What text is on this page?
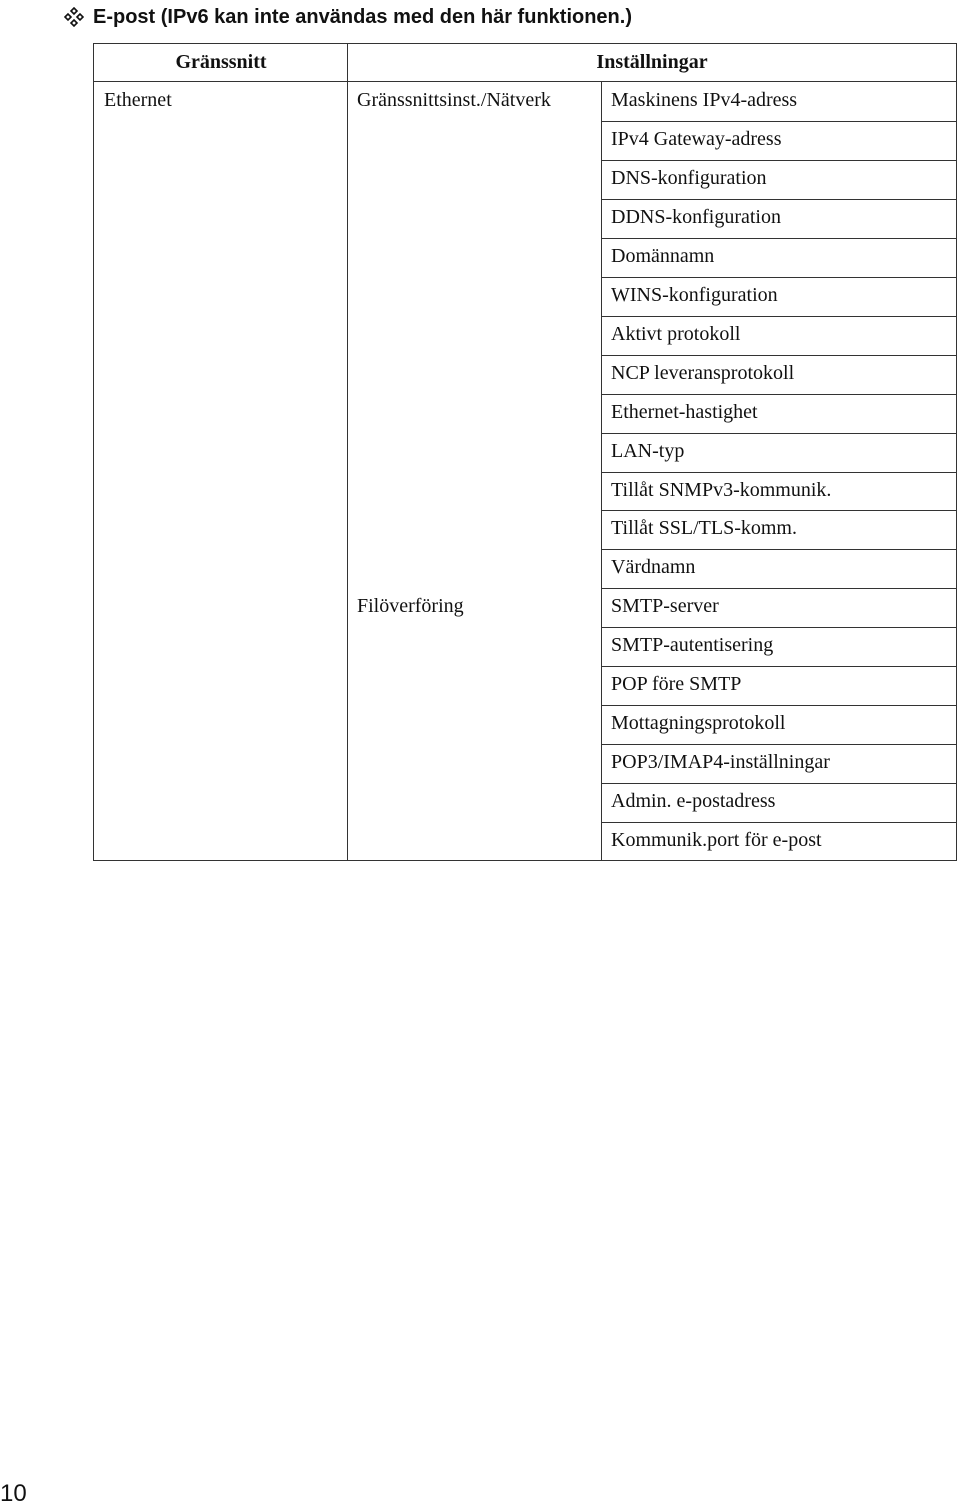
E-post (IPv6 kan inte användas med den här funktionen.)
Gränssnitt	Inställningar
Ethernet	Gränssnittsinst./Nätverk	Maskinens IPv4-adress
IPv4 Gateway-adress
DNS-konfiguration
DDNS-konfiguration
Domännamn
WINS-konfiguration
Aktivt protokoll
NCP leveransprotokoll
Ethernet-hastighet
LAN-typ
Tillåt SNMPv3-kommunik.
Tillåt SSL/TLS-komm.
Värdnamn
Filöverföring	SMTP-server
SMTP-autentisering
POP före SMTP
Mottagningsprotokoll
POP3/IMAP4-inställningar
Admin. e-postadress
Kommunik.port för e-post
10
